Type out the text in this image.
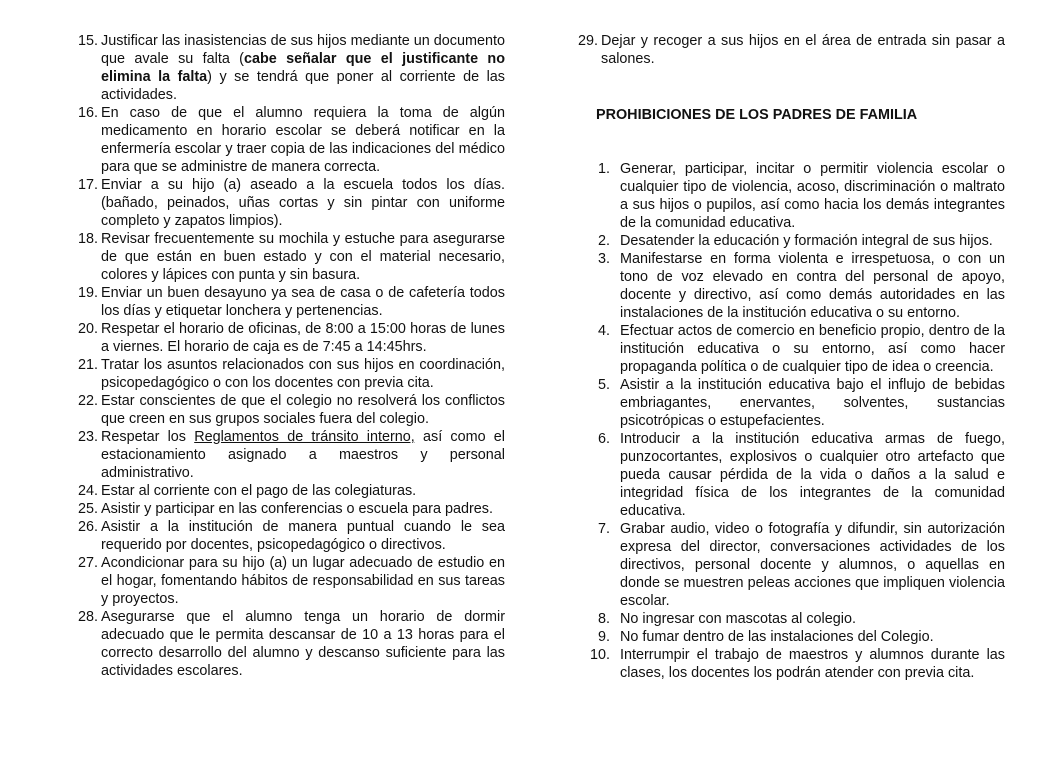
15. Justificar las inasistencias de sus hijos mediante un documento que avale su falta (cabe señalar que el justificante no elimina la falta) y se tendrá que poner al corriente de las actividades.
16. En caso de que el alumno requiera la toma de algún medicamento en horario escolar se deberá notificar en la enfermería escolar y traer copia de las indicaciones del médico para que se administre de manera correcta.
17. Enviar a su hijo (a) aseado a la escuela todos los días. (bañado, peinados, uñas cortas y sin pintar con uniforme completo y zapatos limpios).
18. Revisar frecuentemente su mochila y estuche para asegurarse de que están en buen estado y con el material necesario, colores y lápices con punta y sin basura.
19. Enviar un buen desayuno ya sea de casa o de cafetería todos los días y etiquetar lonchera y pertenencias.
20. Respetar el horario de oficinas, de 8:00 a 15:00 horas de lunes a viernes. El horario de caja es de 7:45 a 14:45hrs.
21. Tratar los asuntos relacionados con sus hijos en coordinación, psicopedagógico o con los docentes con previa cita.
22. Estar conscientes de que el colegio no resolverá los conflictos que creen en sus grupos sociales fuera del colegio.
23. Respetar los Reglamentos de tránsito interno, así como el estacionamiento asignado a maestros y personal administrativo.
24. Estar al corriente con el pago de las colegiaturas.
25. Asistir y participar en las conferencias o escuela para padres.
26. Asistir a la institución de manera puntual cuando le sea requerido por docentes, psicopedagógico o directivos.
27. Acondicionar para su hijo (a) un lugar adecuado de estudio en el hogar, fomentando hábitos de responsabilidad en sus tareas y proyectos.
28. Asegurarse que el alumno tenga un horario de dormir adecuado que le permita descansar de 10 a 13 horas para el correcto desarrollo del alumno y descanso suficiente para las actividades escolares.
29. Dejar y recoger a sus hijos en el área de entrada sin pasar a salones.
PROHIBICIONES DE LOS PADRES DE FAMILIA
1. Generar, participar, incitar o permitir violencia escolar o cualquier tipo de violencia, acoso, discriminación o maltrato a sus hijos o pupilos, así como hacia los demás integrantes de la comunidad educativa.
2. Desatender la educación y formación integral de sus hijos.
3. Manifestarse en forma violenta e irrespetuosa, o con un tono de voz elevado en contra del personal de apoyo, docente y directivo, así como demás autoridades en las instalaciones de la institución educativa o su entorno.
4. Efectuar actos de comercio en beneficio propio, dentro de la institución educativa o su entorno, así como hacer propaganda política o de cualquier tipo de idea o creencia.
5. Asistir a la institución educativa bajo el influjo de bebidas embriagantes, enervantes, solventes, sustancias psicotrópicas o estupefacientes.
6. Introducir a la institución educativa armas de fuego, punzocortantes, explosivos o cualquier otro artefacto que pueda causar pérdida de la vida o daños a la salud e integridad física de los integrantes de la comunidad educativa.
7. Grabar audio, video o fotografía y difundir, sin autorización expresa del director, conversaciones actividades de los directivos, personal docente y alumnos, o aquellas en donde se muestren peleas acciones que impliquen violencia escolar.
8. No ingresar con mascotas al colegio.
9. No fumar dentro de las instalaciones del Colegio.
10. Interrumpir el trabajo de maestros y alumnos durante las clases, los docentes los podrán atender con previa cita.
